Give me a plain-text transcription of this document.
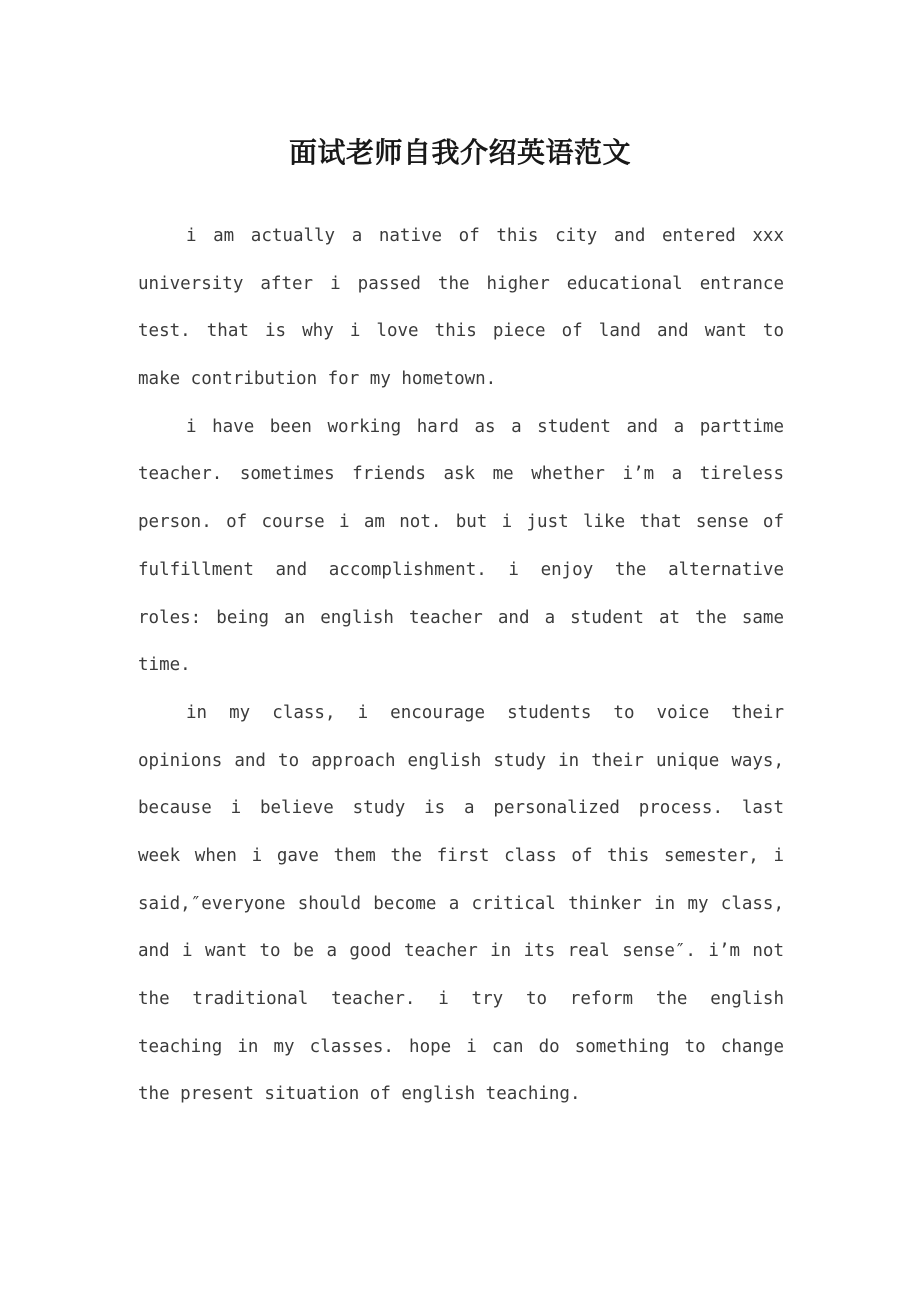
面试老师自我介绍英语范文
i am actually a native of this city and entered xxx
university after i passed the higher educational entrance
test. that is why i love this piece of land and want to
make contribution for my hometown.
i have been working hard as a student and a parttime
teacher. sometimes friends ask me whether i’m a tireless
person. of course i am not. but i just like that sense of
fulfillment and accomplishment. i enjoy the alternative
roles: being an english teacher and a student at the same
time.
in my class, i encourage students to voice their
opinions and to approach english study in their unique ways,
because i believe study is a personalized process. last
week when i gave them the first class of this semester, i
said,″everyone should become a critical thinker in my class,
and i want to be a good teacher in its real sense″. i’m not
the traditional teacher. i try to reform the english
teaching in my classes. hope i can do something to change
the present situation of english teaching.
